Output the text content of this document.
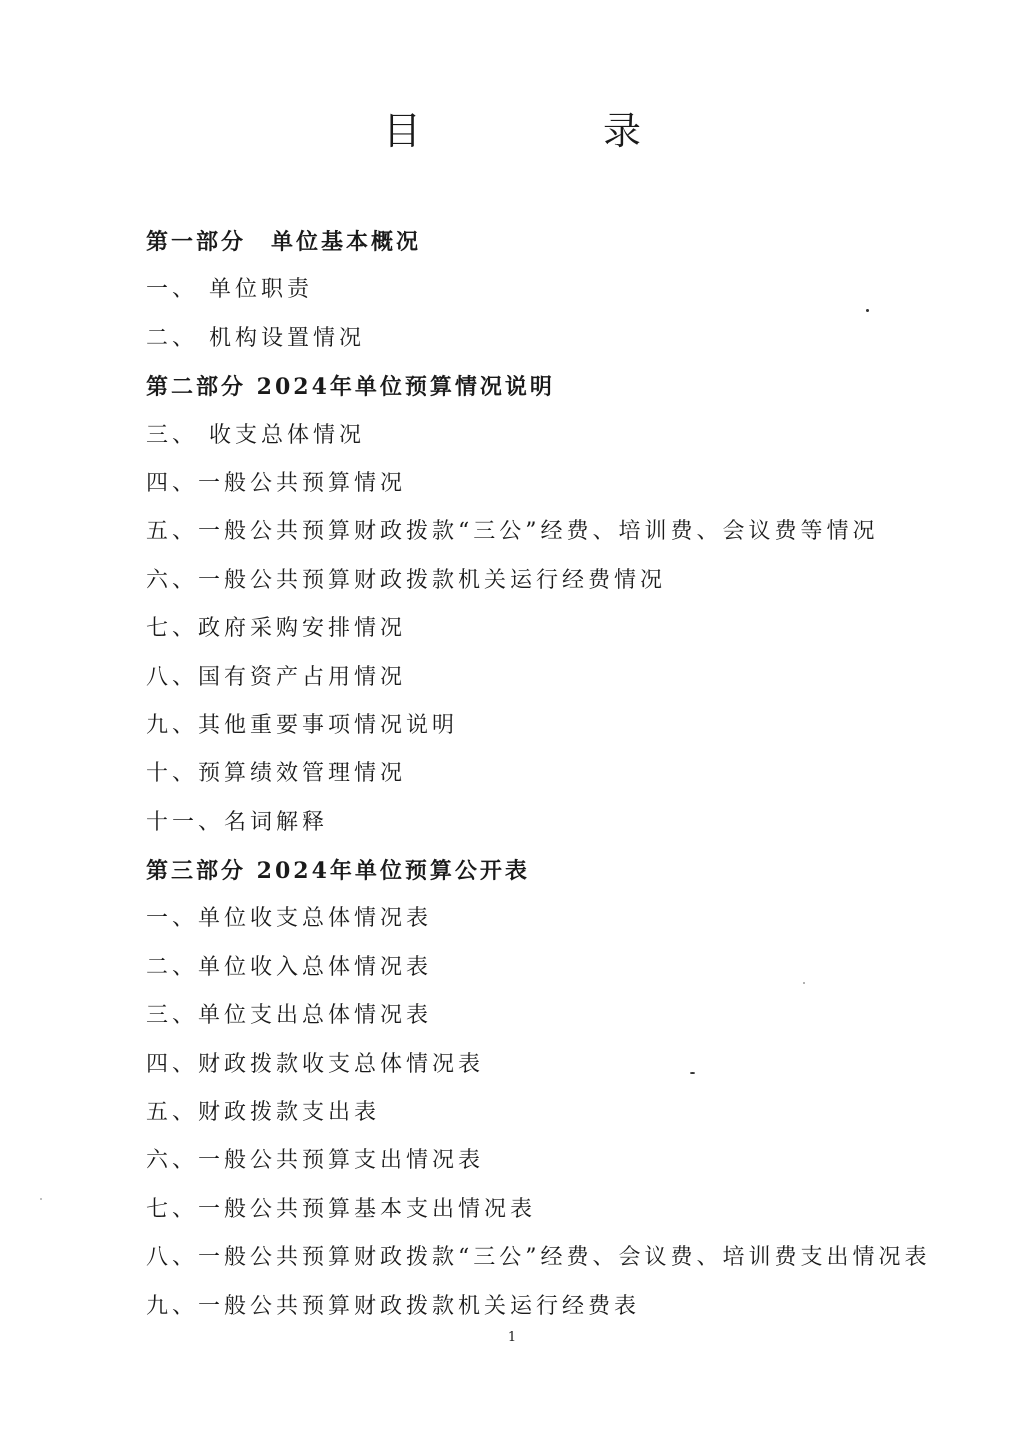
目　录
第一部分　单位基本概况
一、 单位职责
二、 机构设置情况
第二部分 2024年单位预算情况说明
三、 收支总体情况
四、一般公共预算情况
五、一般公共预算财政拨款“三公”经费、培训费、会议费等情况
六、一般公共预算财政拨款机关运行经费情况
七、政府采购安排情况
八、国有资产占用情况
九、其他重要事项情况说明
十、预算绩效管理情况
十一、名词解释
第三部分 2024年单位预算公开表
一、单位收支总体情况表
二、单位收入总体情况表
三、单位支出总体情况表
四、财政拨款收支总体情况表
五、财政拨款支出表
六、一般公共预算支出情况表
七、一般公共预算基本支出情况表
八、一般公共预算财政拨款“三公”经费、会议费、培训费支出情况表
九、一般公共预算财政拨款机关运行经费表
1
